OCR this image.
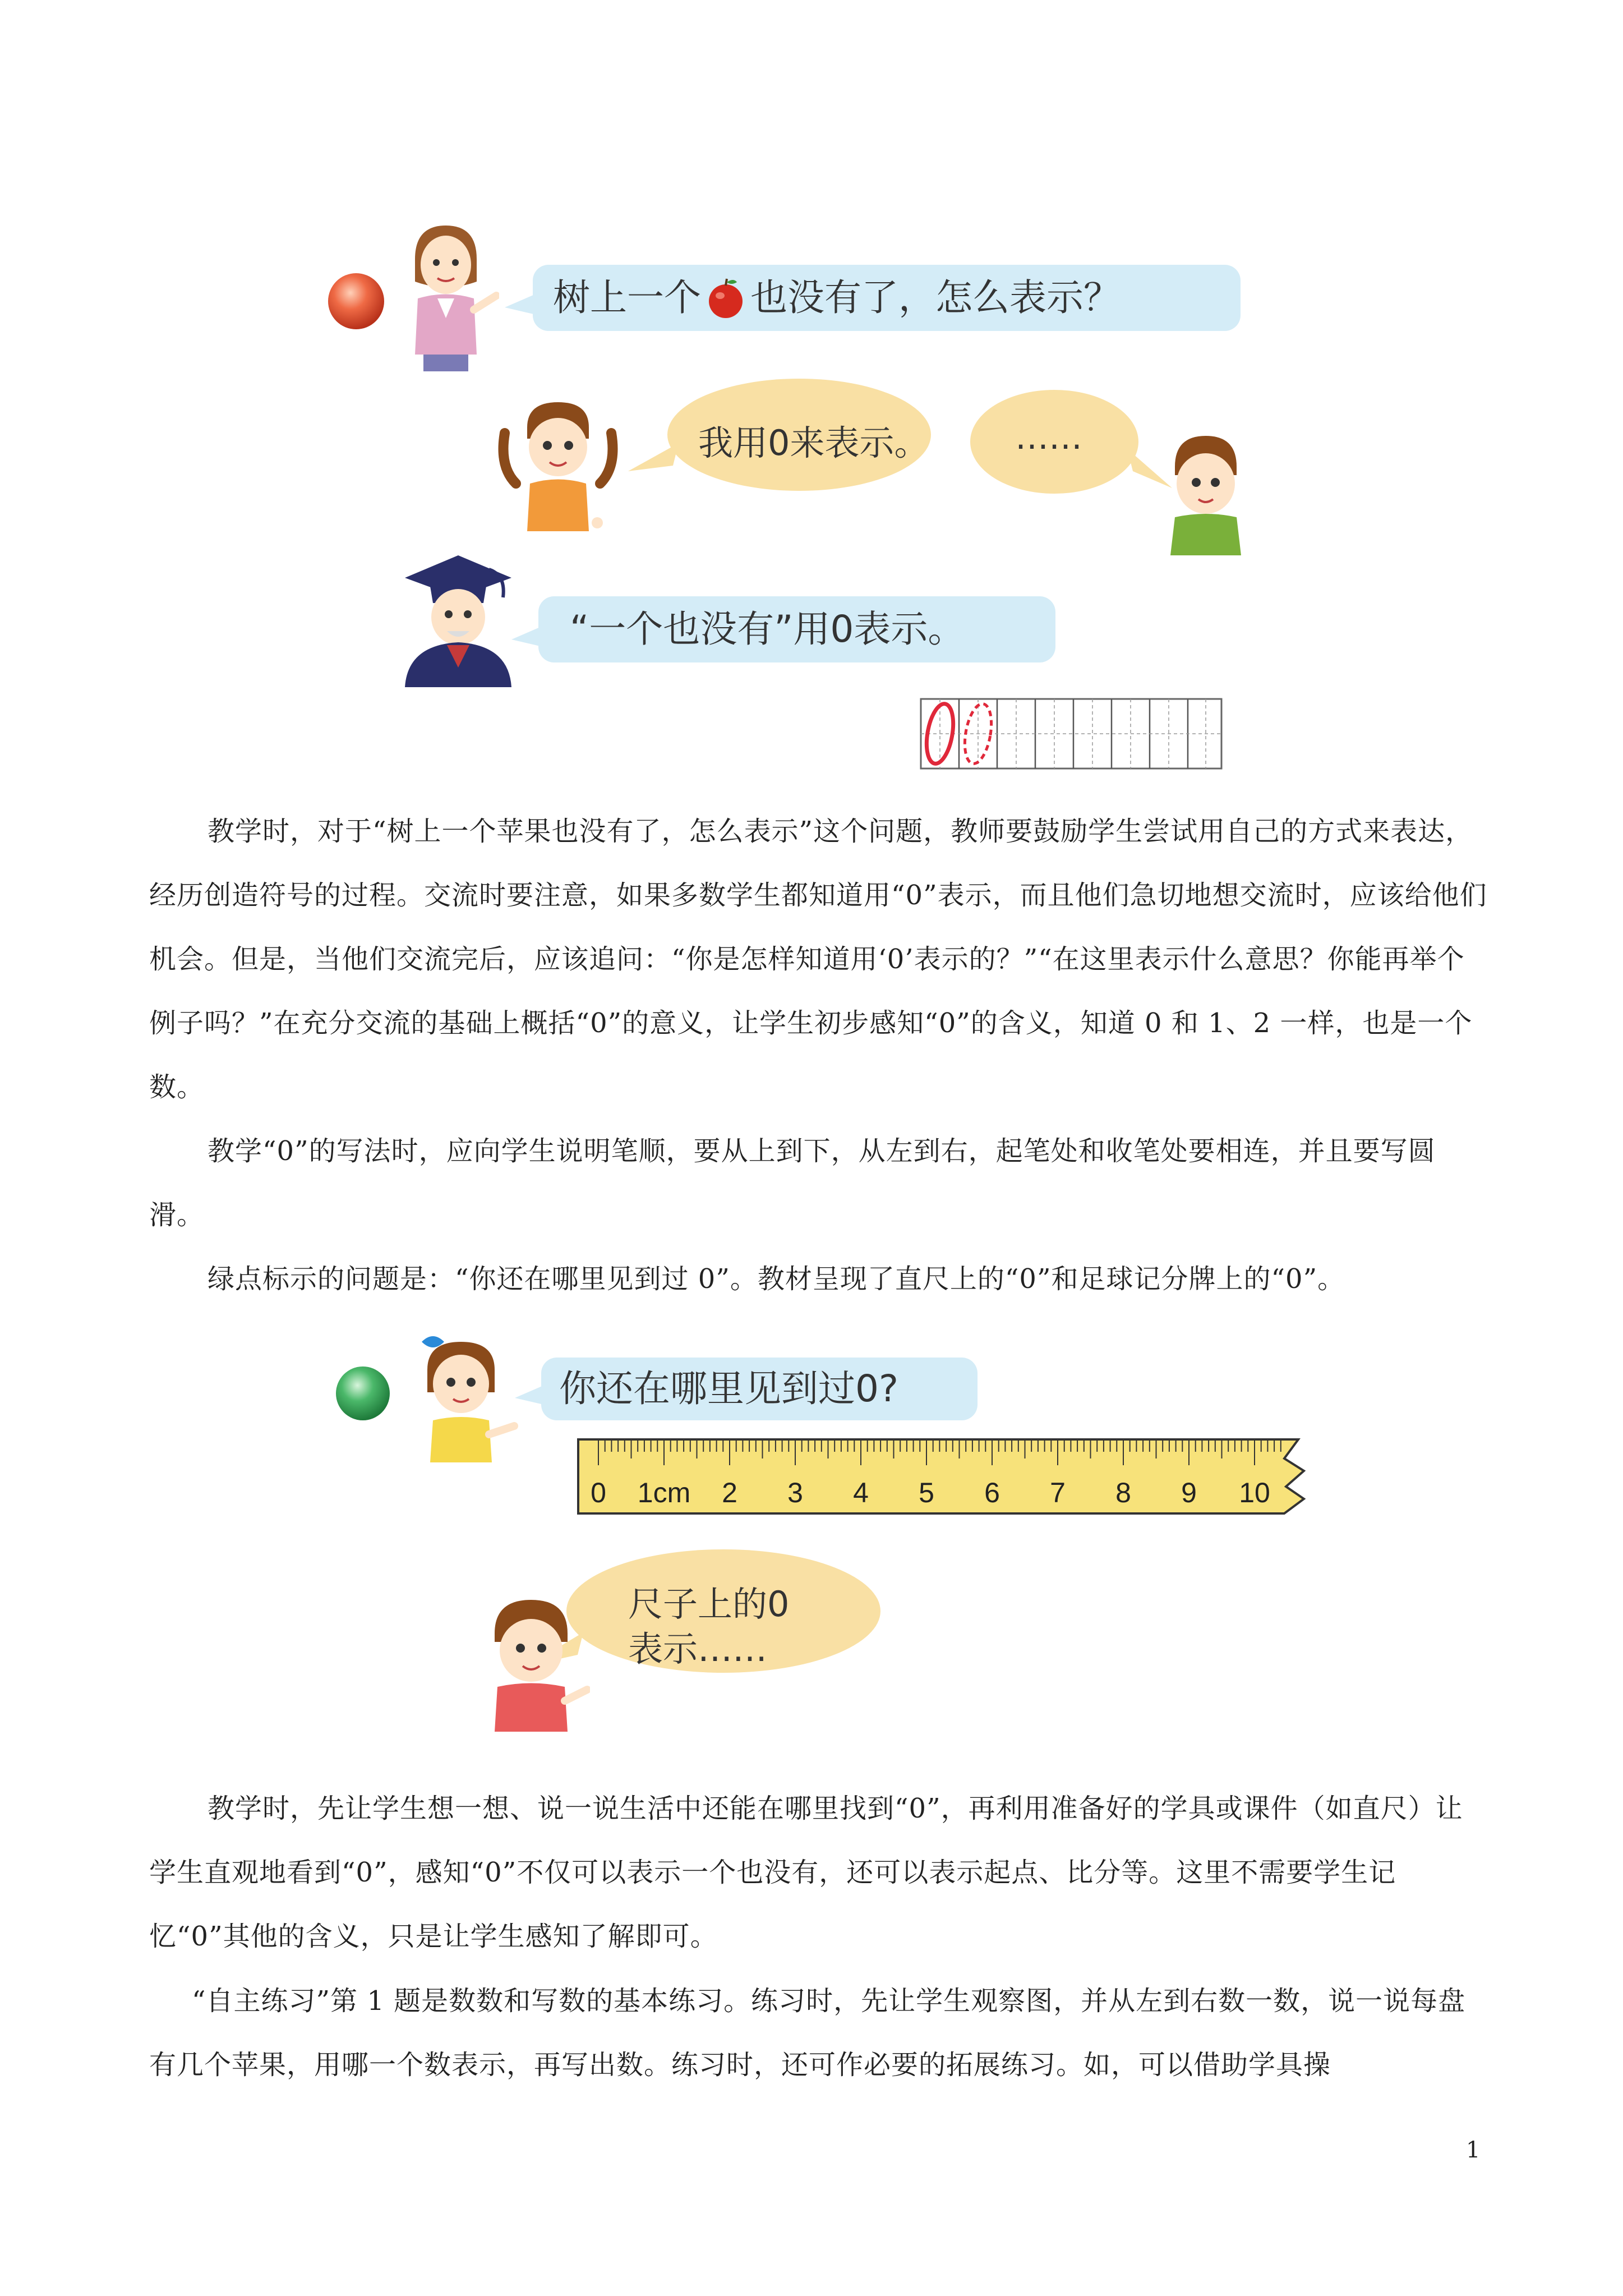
树上一个 也没有了，怎么表示？
我用0来表示。	……
“一个也没有”用0表示。

教学时，对于“树上一个苹果也没有了，怎么表示”这个问题，教师要鼓励学生尝试用自己的方式来表达，经历创造符号的过程。交流时要注意，如果多数学生都知道用“0”表示，而且他们急切地想交流时，应该给他们机会。但是，当他们交流完后，应该追问：“你是怎样知道用‘0’表示的？”“在这里表示什么意思？你能再举个例子吗？”在充分交流的基础上概括“0”的意义，让学生初步感知“0”的含义，知道 0 和 1、2 一样，也是一个数。

教学“0”的写法时，应向学生说明笔顺，要从上到下，从左到右，起笔处和收笔处要相连，并且要写圆滑。

绿点标示的问题是：“你还在哪里见到过 0”。教材呈现了直尺上的“0”和足球记分牌上的“0”。

你还在哪里见到过0?
0 1cm 2 3 4 5 6 7 8 9 10
尺子上的0
表示……

教学时，先让学生想一想、说一说生活中还能在哪里找到“0”，再利用准备好的学具或课件（如直尺）让学生直观地看到“0”，感知“0”不仅可以表示一个也没有，还可以表示起点、比分等。这里不需要学生记忆“0”其他的含义，只是让学生感知了解即可。

“自主练习”第 1 题是数数和写数的基本练习。练习时，先让学生观察图，并从左到右数一数，说一说每盘有几个苹果，用哪一个数表示，再写出数。练习时，还可作必要的拓展练习。如，可以借助学具操

1
